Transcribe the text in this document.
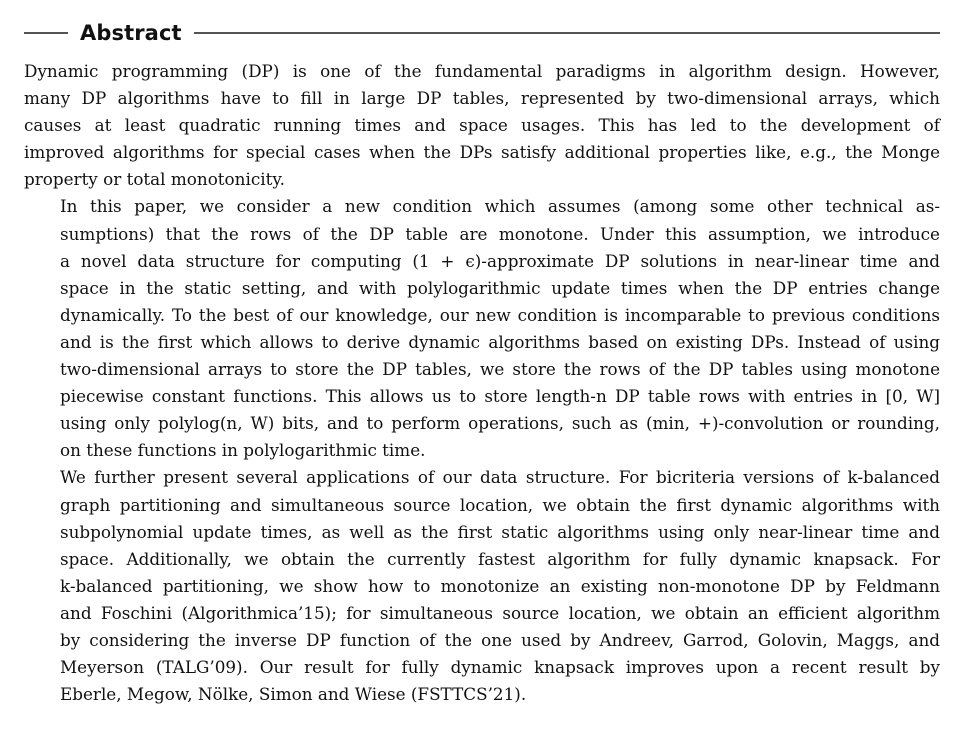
Abstract

Dynamic programming (DP) is one of the fundamental paradigms in algorithm design. However,
many DP algorithms have to fill in large DP tables, represented by two-dimensional arrays, which
causes at least quadratic running times and space usages. This has led to the development of
improved algorithms for special cases when the DPs satisfy additional properties like, e.g., the Monge
property or total monotonicity.

In this paper, we consider a new condition which assumes (among some other technical as-
sumptions) that the rows of the DP table are monotone. Under this assumption, we introduce
a novel data structure for computing (1 + ϵ)-approximate DP solutions in near-linear time and
space in the static setting, and with polylogarithmic update times when the DP entries change
dynamically. To the best of our knowledge, our new condition is incomparable to previous conditions
and is the first which allows to derive dynamic algorithms based on existing DPs. Instead of using
two-dimensional arrays to store the DP tables, we store the rows of the DP tables using monotone
piecewise constant functions. This allows us to store length-n DP table rows with entries in [0, W]
using only polylog(n, W) bits, and to perform operations, such as (min, +)-convolution or rounding,
on these functions in polylogarithmic time.

We further present several applications of our data structure. For bicriteria versions of k-balanced
graph partitioning and simultaneous source location, we obtain the first dynamic algorithms with
subpolynomial update times, as well as the first static algorithms using only near-linear time and
space. Additionally, we obtain the currently fastest algorithm for fully dynamic knapsack. For
k-balanced partitioning, we show how to monotonize an existing non-monotone DP by Feldmann
and Foschini (Algorithmica’15); for simultaneous source location, we obtain an efficient algorithm
by considering the inverse DP function of the one used by Andreev, Garrod, Golovin, Maggs, and
Meyerson (TALG’09). Our result for fully dynamic knapsack improves upon a recent result by
Eberle, Megow, Nölke, Simon and Wiese (FSTTCS’21).
